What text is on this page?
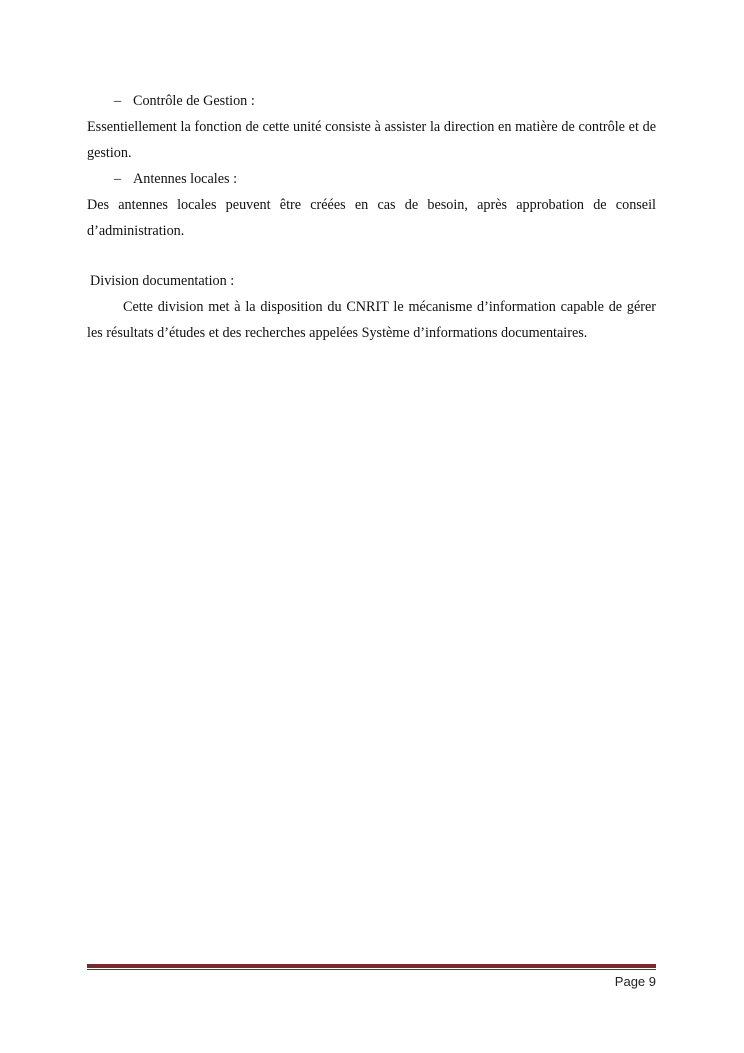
– Contrôle de Gestion :

Essentiellement la fonction de cette unité consiste à assister la direction en matière de contrôle et de gestion.

– Antennes locales :

Des antennes locales peuvent être créées en cas de besoin, après approbation de conseil d’administration.

Division documentation :

Cette division met à la disposition du CNRIT le mécanisme d’information capable de gérer les résultats d’études et des recherches appelées Système d’informations documentaires.

Page 9
